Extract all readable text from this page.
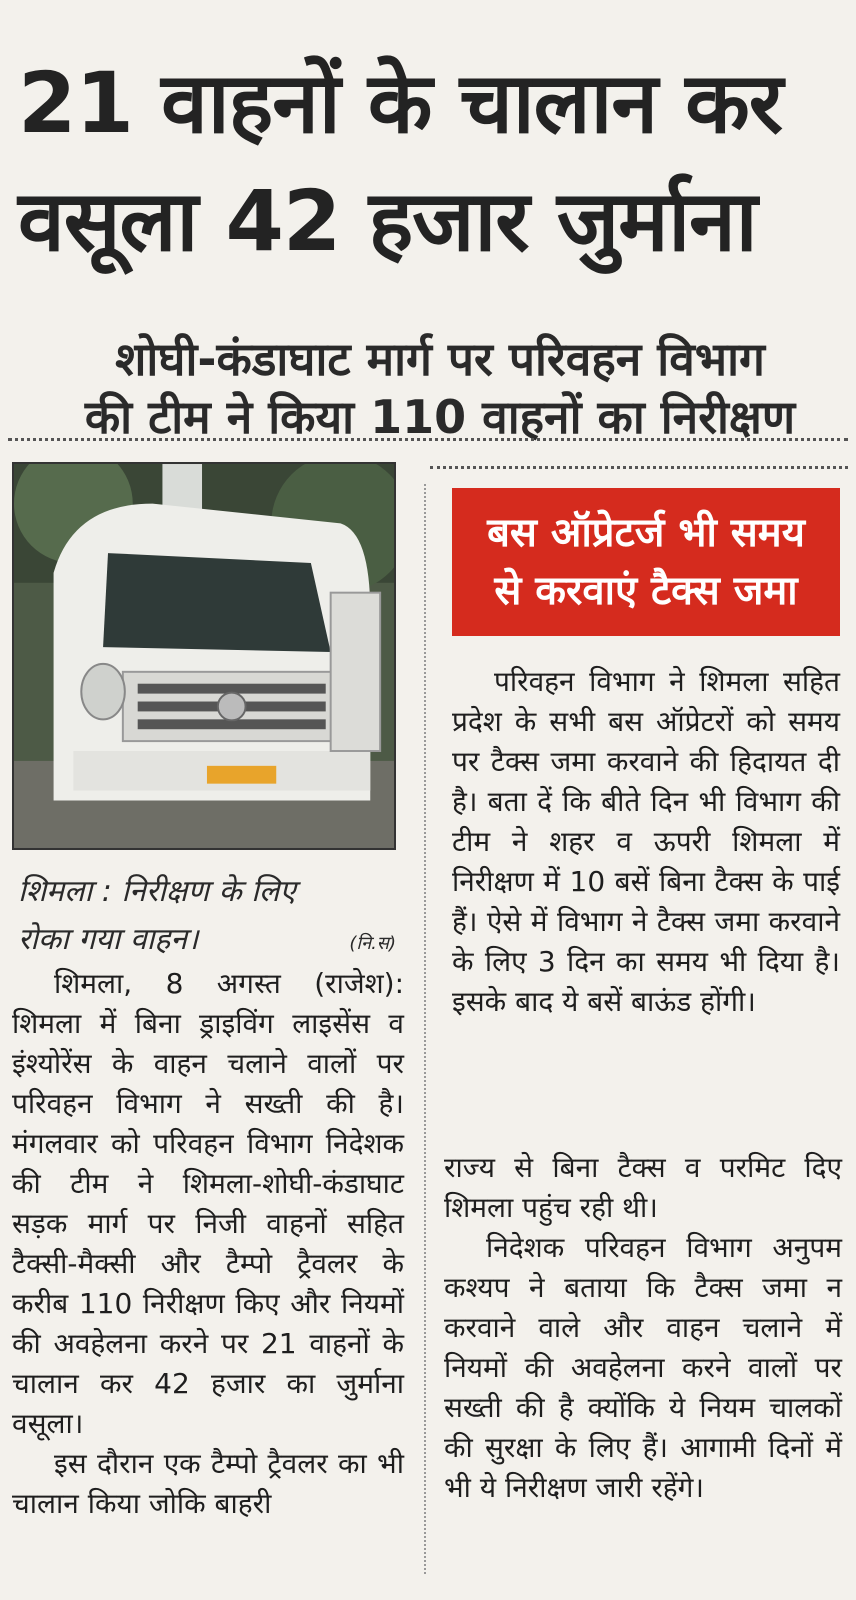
21 वाहनों के चालान कर
वसूला 42 हजार जुर्माना
शोघी-कंडाघाट मार्ग पर परिवहन विभाग
की टीम ने किया 110 वाहनों का निरीक्षण
शिमला : निरीक्षण के लिए
रोका गया वाहन।	(नि.स)

शिमला, 8 अगस्त (राजेश): शिमला में बिना ड्राइविंग लाइसेंस व इंश्योरेंस के वाहन चलाने वालों पर परिवहन विभाग ने सख्ती की है। मंगलवार को परिवहन विभाग निदेशक की टीम ने शिमला-शोघी-कंडाघाट सड़क मार्ग पर निजी वाहनों सहित टैक्सी-मैक्सी और टैम्पो ट्रैवलर के करीब 110 निरीक्षण किए और नियमों की अवहेलना करने पर 21 वाहनों के चालान कर 42 हजार का जुर्माना वसूला।

इस दौरान एक टैम्पो ट्रैवलर का भी चालान किया जोकि बाहरी

बस ऑप्रेटर्ज भी समय
से करवाएं टैक्स जमा

परिवहन विभाग ने शिमला सहित प्रदेश के सभी बस ऑप्रेटरों को समय पर टैक्स जमा करवाने की हिदायत दी है। बता दें कि बीते दिन भी विभाग की टीम ने शहर व ऊपरी शिमला में निरीक्षण में 10 बसें बिना टैक्स के पाई हैं। ऐसे में विभाग ने टैक्स जमा करवाने के लिए 3 दिन का समय भी दिया है। इसके बाद ये बसें बाऊंड होंगी।

राज्य से बिना टैक्स व परमिट दिए शिमला पहुंच रही थी।

निदेशक परिवहन विभाग अनुपम कश्यप ने बताया कि टैक्स जमा न करवाने वाले और वाहन चलाने में नियमों की अवहेलना करने वालों पर सख्ती की है क्योंकि ये नियम चालकों की सुरक्षा के लिए हैं। आगामी दिनों में भी ये निरीक्षण जारी रहेंगे।
